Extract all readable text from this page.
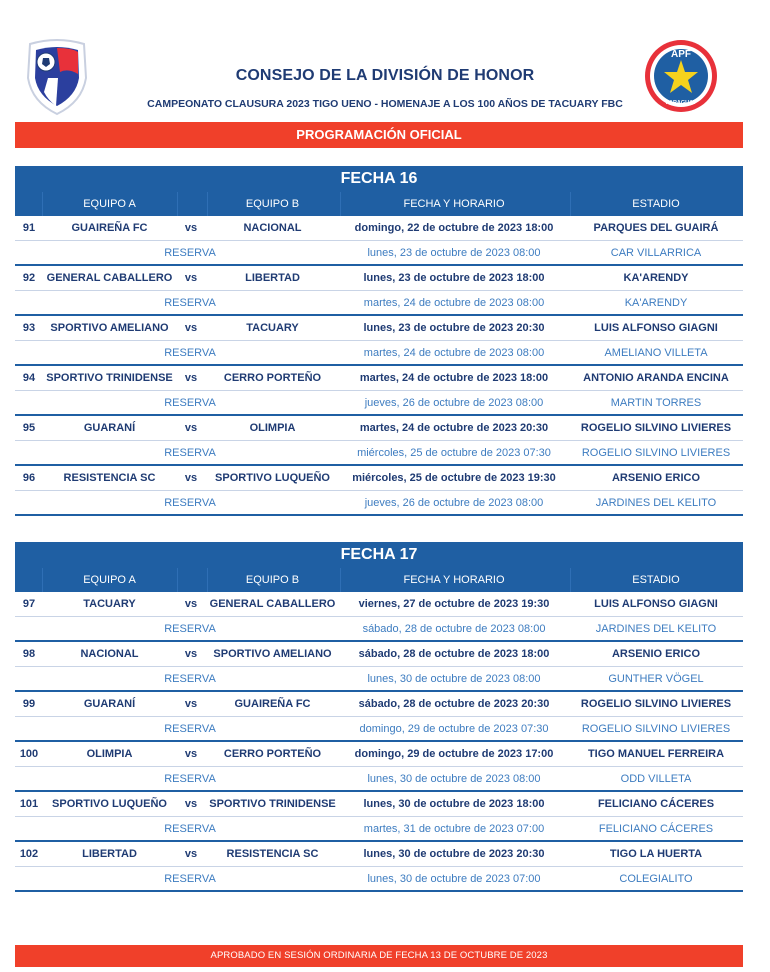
APF
PARAGUAY
CONSEJO DE LA DIVISIÓN DE HONOR
CAMPEONATO CLAUSURA 2023 TIGO UENO - HOMENAJE A LOS 100 AÑOS DE TACUARY FBC
PROGRAMACIÓN OFICIAL
FECHA 16
EQUIPO A	EQUIPO B	FECHA Y HORARIO	ESTADIO
91	GUAIREÑA FC	vs	NACIONAL	domingo, 22 de octubre de 2023 18:00	PARQUES DEL GUAIRÁ
RESERVA	lunes, 23 de octubre de 2023 08:00	CAR VILLARRICA
92	GENERAL CABALLERO	vs	LIBERTAD	lunes, 23 de octubre de 2023 18:00	KA'ARENDY
RESERVA	martes, 24 de octubre de 2023 08:00	KA'ARENDY
93	SPORTIVO AMELIANO	vs	TACUARY	lunes, 23 de octubre de 2023 20:30	LUIS ALFONSO GIAGNI
RESERVA	martes, 24 de octubre de 2023 08:00	AMELIANO VILLETA
94	SPORTIVO TRINIDENSE	vs	CERRO PORTEÑO	martes, 24 de octubre de 2023 18:00	ANTONIO ARANDA ENCINA
RESERVA	jueves, 26 de octubre de 2023 08:00	MARTIN TORRES
95	GUARANÍ	vs	OLIMPIA	martes, 24 de octubre de 2023 20:30	ROGELIO SILVINO LIVIERES
RESERVA	miércoles, 25 de octubre de 2023 07:30	ROGELIO SILVINO LIVIERES
96	RESISTENCIA SC	vs	SPORTIVO LUQUEÑO	miércoles, 25 de octubre de 2023 19:30	ARSENIO ERICO
RESERVA	jueves, 26 de octubre de 2023 08:00	JARDINES DEL KELITO
FECHA 17
EQUIPO A	EQUIPO B	FECHA Y HORARIO	ESTADIO
97	TACUARY	vs	GENERAL CABALLERO	viernes, 27 de octubre de 2023 19:30	LUIS ALFONSO GIAGNI
RESERVA	sábado, 28 de octubre de 2023 08:00	JARDINES DEL KELITO
98	NACIONAL	vs	SPORTIVO AMELIANO	sábado, 28 de octubre de 2023 18:00	ARSENIO ERICO
RESERVA	lunes, 30 de octubre de 2023 08:00	GUNTHER VÖGEL
99	GUARANÍ	vs	GUAIREÑA FC	sábado, 28 de octubre de 2023 20:30	ROGELIO SILVINO LIVIERES
RESERVA	domingo, 29 de octubre de 2023 07:30	ROGELIO SILVINO LIVIERES
100	OLIMPIA	vs	CERRO PORTEÑO	domingo, 29 de octubre de 2023 17:00	TIGO MANUEL FERREIRA
RESERVA	lunes, 30 de octubre de 2023 08:00	ODD VILLETA
101	SPORTIVO LUQUEÑO	vs	SPORTIVO TRINIDENSE	lunes, 30 de octubre de 2023 18:00	FELICIANO CÁCERES
RESERVA	martes, 31 de octubre de 2023 07:00	FELICIANO CÁCERES
102	LIBERTAD	vs	RESISTENCIA SC	lunes, 30 de octubre de 2023 20:30	TIGO LA HUERTA
RESERVA	lunes, 30 de octubre de 2023 07:00	COLEGIALITO
APROBADO EN SESIÓN ORDINARIA DE FECHA 13 DE OCTUBRE DE 2023
